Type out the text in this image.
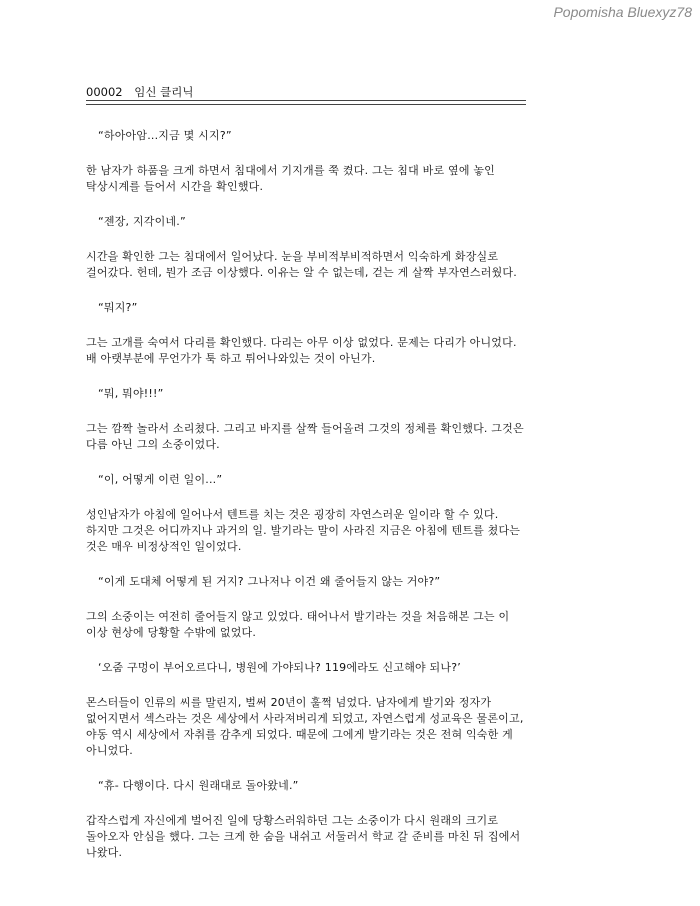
Popomisha Bluexyz78
00002 임신 클리닉
“하아아암...지금 몇 시지?”
한 남자가 하품을 크게 하면서 침대에서 기지개를 쭉 켰다. 그는 침대 바로 옆에 놓인
탁상시계를 들어서 시간을 확인했다.
“젠장, 지각이네.”
시간을 확인한 그는 침대에서 일어났다. 눈을 부비적부비적하면서 익숙하게 화장실로
걸어갔다. 헌데, 뭔가 조금 이상했다. 이유는 알 수 없는데, 걷는 게 살짝 부자연스러웠다.
“뭐지?”
그는 고개를 숙여서 다리를 확인했다. 다리는 아무 이상 없었다. 문제는 다리가 아니었다.
배 아랫부분에 무언가가 툭 하고 튀어나와있는 것이 아닌가.
“뭐, 뭐야!!!”
그는 깜짝 놀라서 소리쳤다. 그리고 바지를 살짝 들어올려 그것의 정체를 확인했다. 그것은
다름 아닌 그의 소중이었다.
“이, 어떻게 이런 일이...”
성인남자가 아침에 일어나서 텐트를 치는 것은 굉장히 자연스러운 일이라 할 수 있다.
하지만 그것은 어디까지나 과거의 일. 발기라는 말이 사라진 지금은 아침에 텐트를 쳤다는
것은 매우 비정상적인 일이었다.
“이게 도대체 어떻게 된 거지? 그나저나 이건 왜 줄어들지 않는 거야?”
그의 소중이는 여전히 줄어들지 않고 있었다. 태어나서 발기라는 것을 처음해본 그는 이
이상 현상에 당황할 수밖에 없었다.
‘오줌 구멍이 부어오르다니, 병원에 가야되나? 119에라도 신고해야 되나?’
몬스터들이 인류의 씨를 말린지, 벌써 20년이 훌쩍 넘었다. 남자에게 발기와 정자가
없어지면서 섹스라는 것은 세상에서 사라져버리게 되었고, 자연스럽게 성교육은 물론이고,
야동 역시 세상에서 자취를 감추게 되었다. 때문에 그에게 발기라는 것은 전혀 익숙한 게
아니었다.
“휴- 다행이다. 다시 원래대로 돌아왔네.”
갑작스럽게 자신에게 벌어진 일에 당황스러워하던 그는 소중이가 다시 원래의 크기로
돌아오자 안심을 했다. 그는 크게 한 숨을 내쉬고 서둘러서 학교 갈 준비를 마친 뒤 집에서
나왔다.
